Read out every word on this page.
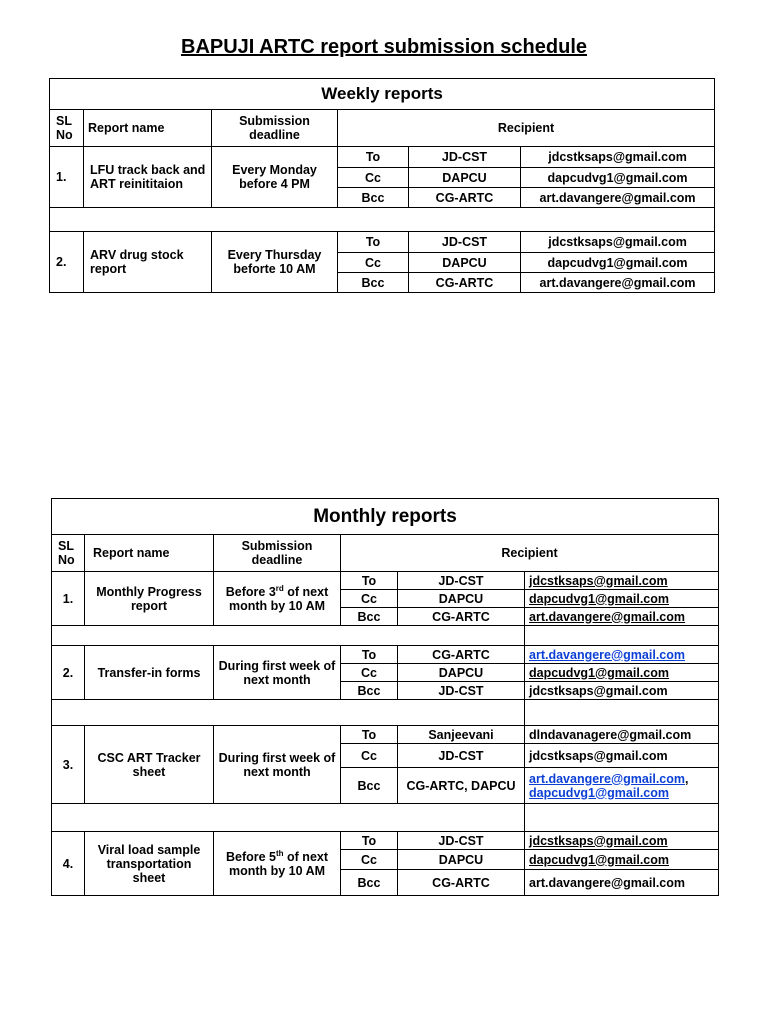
BAPUJI ARTC report submission schedule
Weekly reports					
SL No	Report name	Submission deadline	Recipient		
1.	LFU track back and ART reinititaion	Every Monday before 4 PM	To	JD-CST	jdcstksaps@gmail.com
			Cc	DAPCU	dapcudvg1@gmail.com
			Bcc	CG-ARTC	art.davangere@gmail.com

2.	ARV drug stock report	Every Thursday beforte 10 AM	To	JD-CST	jdcstksaps@gmail.com
			Cc	DAPCU	dapcudvg1@gmail.com
			Bcc	CG-ARTC	art.davangere@gmail.com
Monthly reports					
SL No	Report name	Submission deadline	Recipient		
1.	Monthly Progress report	Before 3rd of next month by 10 AM	To	JD-CST	jdcstksaps@gmail.com
			Cc	DAPCU	dapcudvg1@gmail.com
			Bcc	CG-ARTC	art.davangere@gmail.com

2.	Transfer-in forms	During first week of next month	To	CG-ARTC	art.davangere@gmail.com
			Cc	DAPCU	dapcudvg1@gmail.com
			Bcc	JD-CST	jdcstksaps@gmail.com

3.	CSC ART Tracker sheet	During first week of next month	To	Sanjeevani	dlndavanagere@gmail.com
			Cc	JD-CST	jdcstksaps@gmail.com
			Bcc	CG-ARTC, DAPCU	art.davangere@gmail.com,
dapcudvg1@gmail.com

4.	Viral load sample transportation sheet	Before 5th of next month by 10 AM	To	JD-CST	jdcstksaps@gmail.com
			Cc	DAPCU	dapcudvg1@gmail.com
			Bcc	CG-ARTC	art.davangere@gmail.com
